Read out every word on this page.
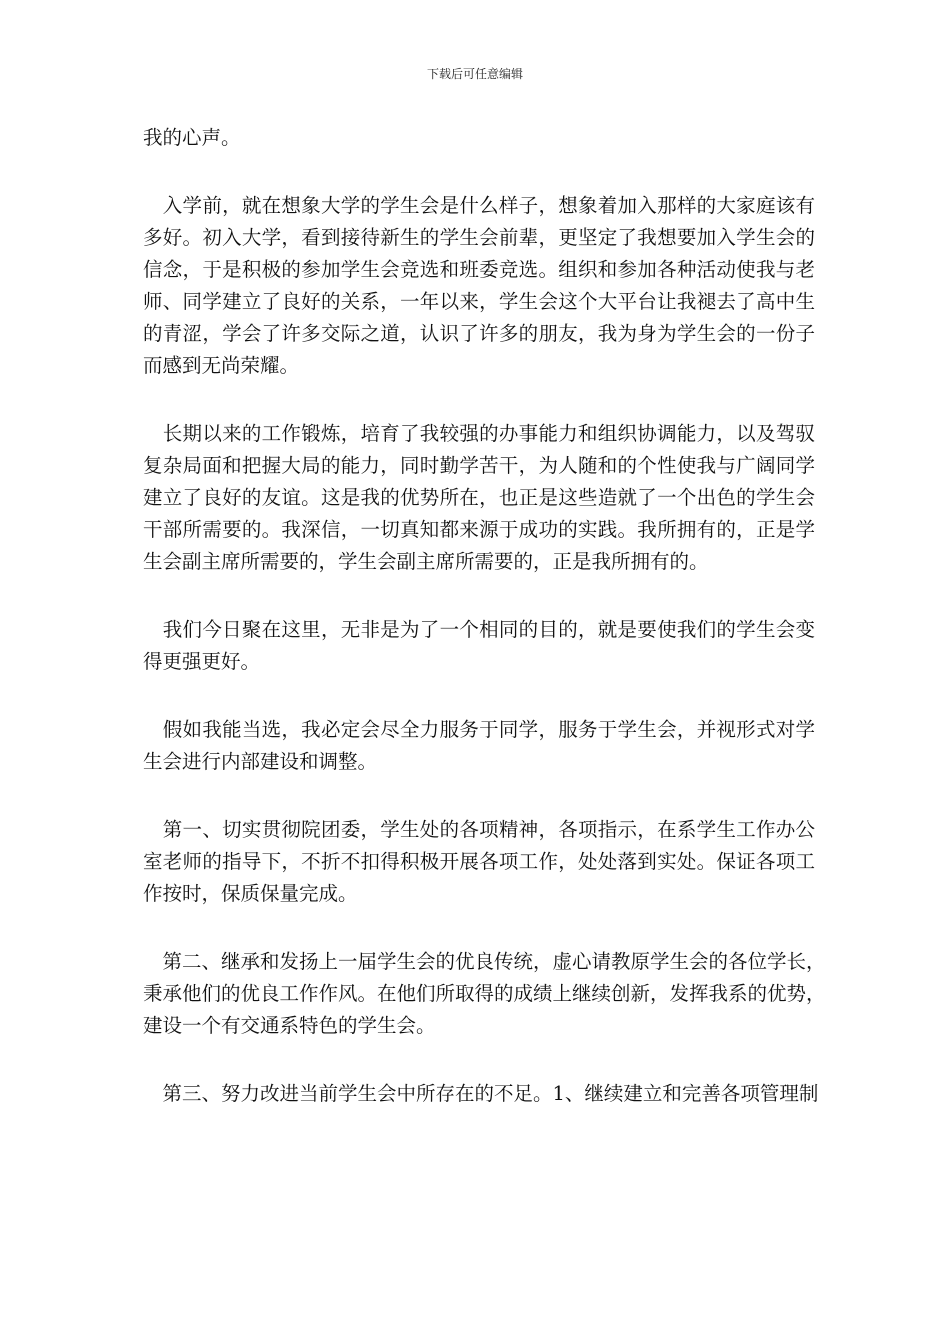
下载后可任意编辑
我的心声。
　入学前，就在想象大学的学生会是什么样子，想象着加入那样的大家庭该有
多好。初入大学，看到接待新生的学生会前辈，更坚定了我想要加入学生会的
信念，于是积极的参加学生会竞选和班委竞选。组织和参加各种活动使我与老
师、同学建立了良好的关系，一年以来，学生会这个大平台让我褪去了高中生
的青涩，学会了许多交际之道，认识了许多的朋友，我为身为学生会的一份子
而感到无尚荣耀。
　长期以来的工作锻炼，培育了我较强的办事能力和组织协调能力，以及驾驭
复杂局面和把握大局的能力，同时勤学苦干，为人随和的个性使我与广阔同学
建立了良好的友谊。这是我的优势所在，也正是这些造就了一个出色的学生会
干部所需要的。我深信，一切真知都来源于成功的实践。我所拥有的，正是学
生会副主席所需要的，学生会副主席所需要的，正是我所拥有的。
　我们今日聚在这里，无非是为了一个相同的目的，就是要使我们的学生会变
得更强更好。
　假如我能当选，我必定会尽全力服务于同学，服务于学生会，并视形式对学
生会进行内部建设和调整。
　第一、切实贯彻院团委，学生处的各项精神，各项指示，在系学生工作办公
室老师的指导下，不折不扣得积极开展各项工作，处处落到实处。保证各项工
作按时，保质保量完成。
　第二、继承和发扬上一届学生会的优良传统，虚心请教原学生会的各位学长，
秉承他们的优良工作作风。在他们所取得的成绩上继续创新，发挥我系的优势，
建设一个有交通系特色的学生会。
　第三、努力改进当前学生会中所存在的不足。1、继续建立和完善各项管理制
